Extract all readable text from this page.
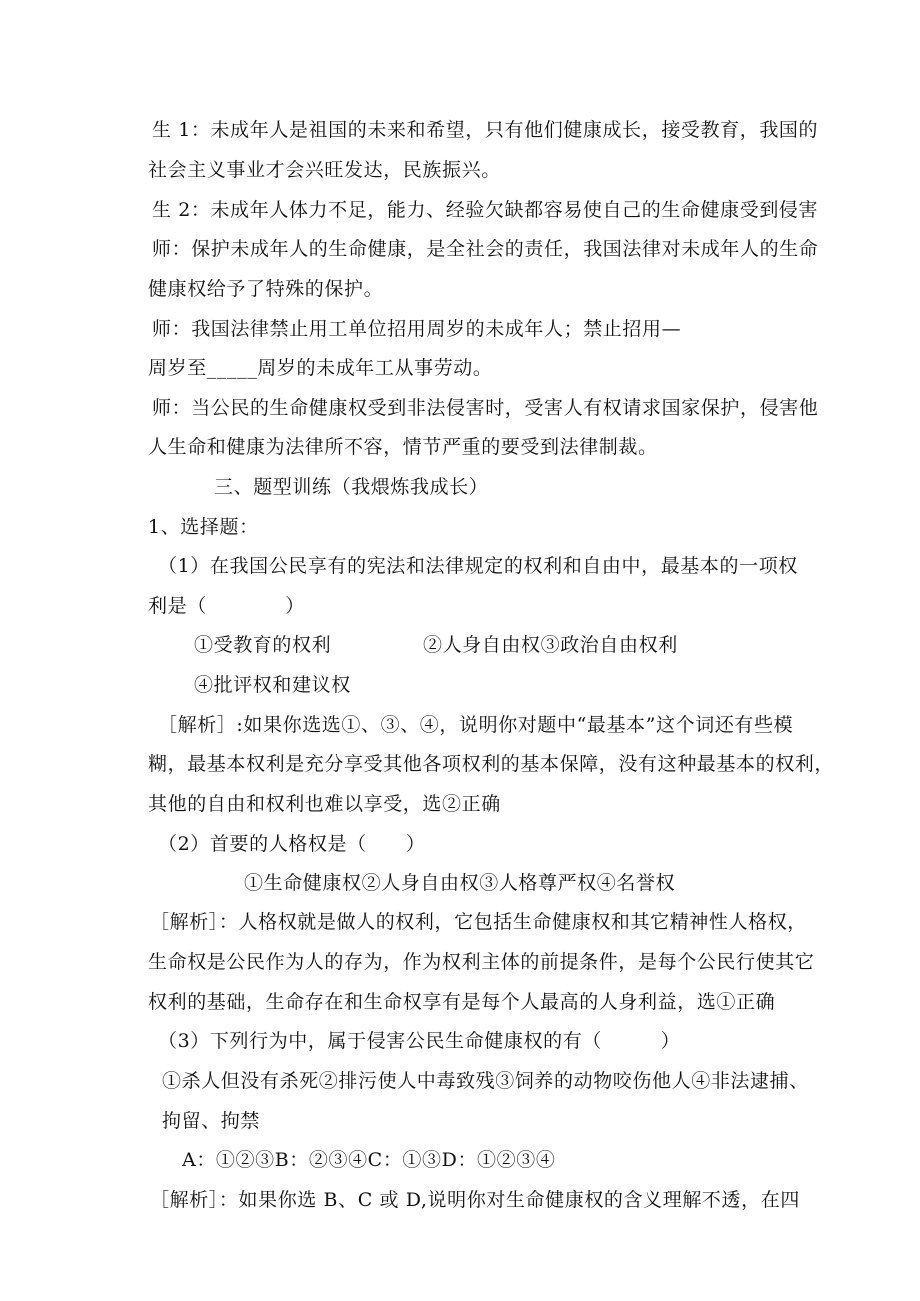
生 1：未成年人是祖国的未来和希望，只有他们健康成长，接受教育，我国的
社会主义事业才会兴旺发达，民族振兴。
生 2：未成年人体力不足，能力、经验欠缺都容易使自己的生命健康受到侵害
师：保护未成年人的生命健康，是全社会的责任，我国法律对未成年人的生命
健康权给予了特殊的保护。
师：我国法律禁止用工单位招用周岁的未成年人；禁止招用—
周岁至_____周岁的未成年工从事劳动。
师：当公民的生命健康权受到非法侵害时，受害人有权请求国家保护，侵害他
人生命和健康为法律所不容，情节严重的要受到法律制裁。
三、题型训练（我煨炼我成长）
1、选择题：
（1）在我国公民享有的宪法和法律规定的权利和自由中，最基本的一项权
利是（　　　　）
①受教育的权利	②人身自由权③政治自由权利
④批评权和建议权
［解析］:如果你选选①、③、④，说明你对题中“最基本”这个词还有些模
糊，最基本权利是充分享受其他各项权利的基本保障，没有这种最基本的权利，
其他的自由和权利也难以享受，选②正确
（2）首要的人格权是（　　）
①生命健康权②人身自由权③人格尊严权④名誉权
［解析］：人格权就是做人的权利，它包括生命健康权和其它精神性人格权，
生命权是公民作为人的存为，作为权利主体的前提条件，是每个公民行使其它
权利的基础，生命存在和生命权享有是每个人最高的人身利益，选①正确
（3）下列行为中，属于侵害公民生命健康权的有（　　　）
①杀人但没有杀死②排污使人中毒致残③饲养的动物咬伤他人④非法逮捕、
拘留、拘禁
A：①②③B：②③④C：①③D：①②③④
［解析］：如果你选 B、C 或 D,说明你对生命健康权的含义理解不透，在四
